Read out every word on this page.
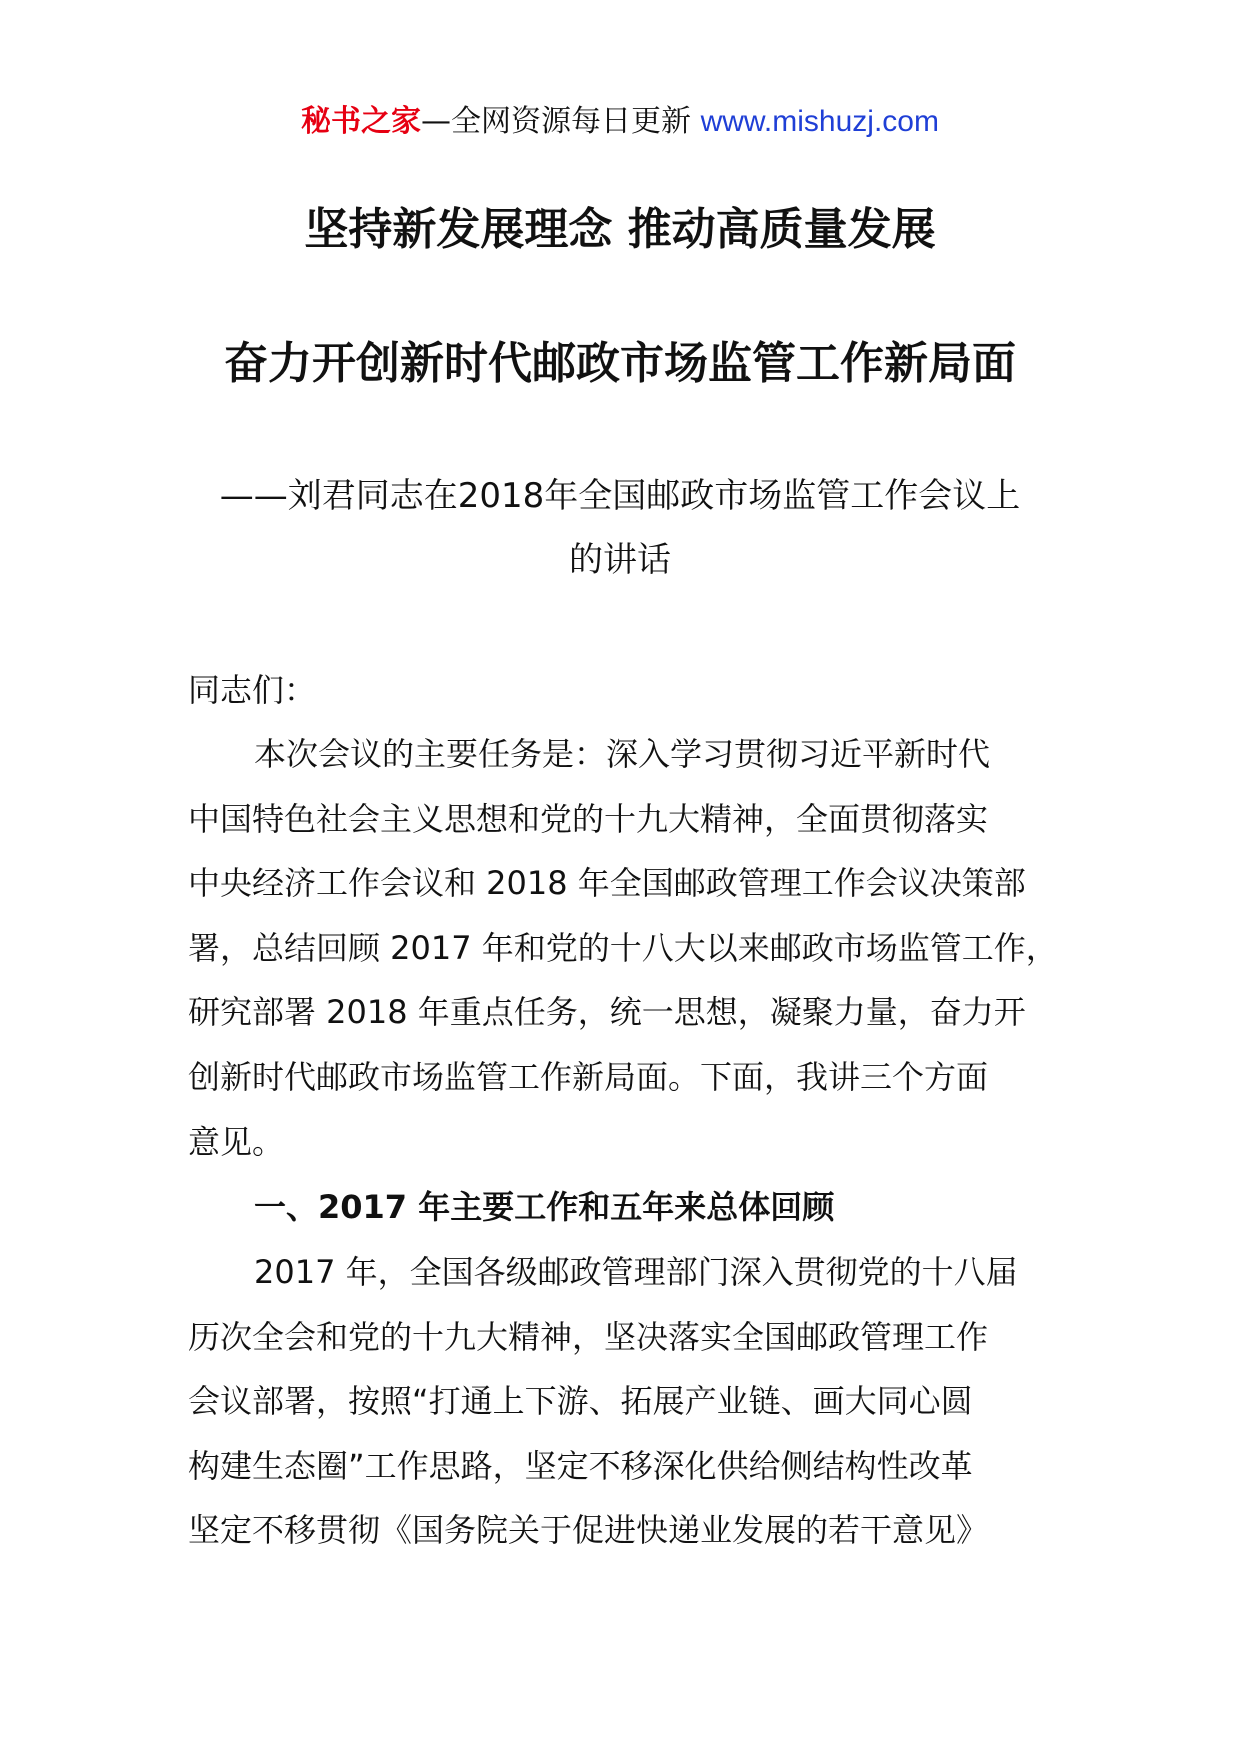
秘书之家—全网资源每日更新 www.mishuzj.com
坚持新发展理念 推动高质量发展
奋力开创新时代邮政市场监管工作新局面
——刘君同志在2018年全国邮政市场监管工作会议上
的讲话
同志们：
本次会议的主要任务是：深入学习贯彻习近平新时代
中国特色社会主义思想和党的十九大精神，全面贯彻落实
中央经济工作会议和 2018 年全国邮政管理工作会议决策部
署，总结回顾 2017 年和党的十八大以来邮政市场监管工作，
研究部署 2018 年重点任务，统一思想，凝聚力量，奋力开
创新时代邮政市场监管工作新局面。下面，我讲三个方面
意见。
一、2017 年主要工作和五年来总体回顾
2017 年，全国各级邮政管理部门深入贯彻党的十八届
历次全会和党的十九大精神，坚决落实全国邮政管理工作
会议部署，按照“打通上下游、拓展产业链、画大同心圆
构建生态圈”工作思路，坚定不移深化供给侧结构性改革
坚定不移贯彻《国务院关于促进快递业发展的若干意见》
